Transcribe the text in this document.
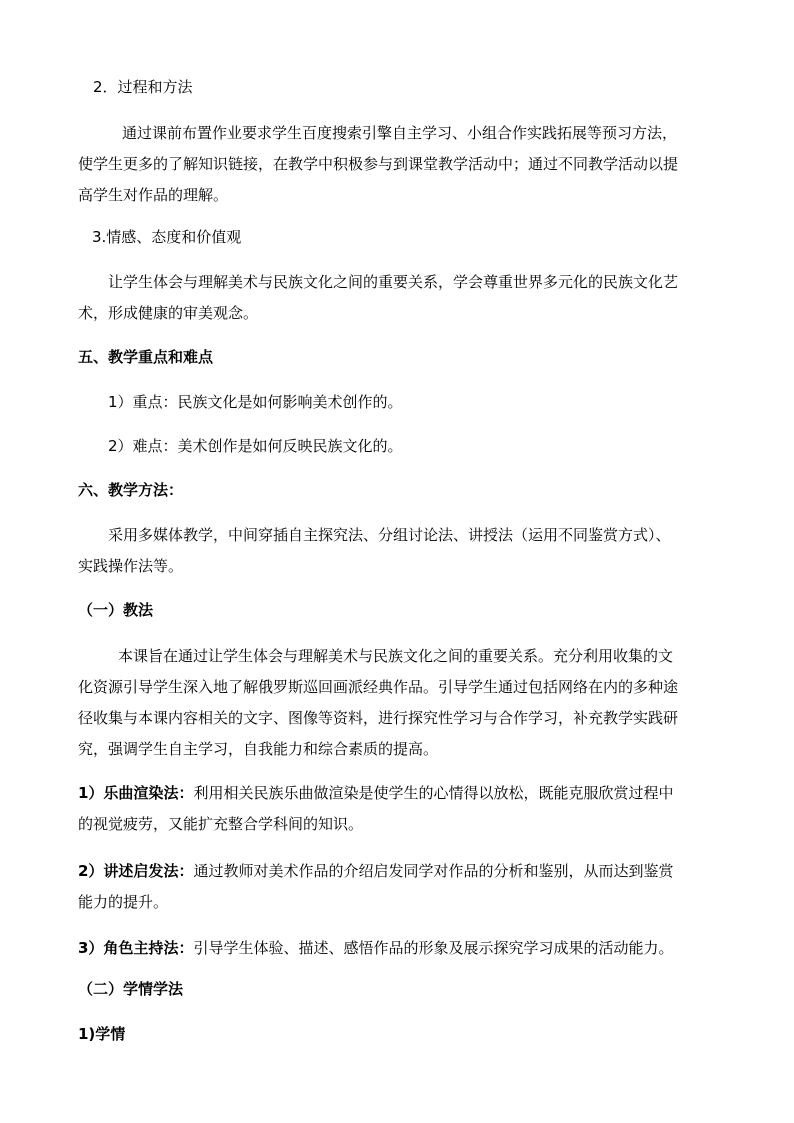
2．过程和方法
通过课前布置作业要求学生百度搜索引擎自主学习、小组合作实践拓展等预习方法，
使学生更多的了解知识链接，在教学中积极参与到课堂教学活动中；通过不同教学活动以提
高学生对作品的理解。
3.情感、态度和价值观
让学生体会与理解美术与民族文化之间的重要关系，学会尊重世界多元化的民族文化艺
术，形成健康的审美观念。
五、教学重点和难点
1）重点：民族文化是如何影响美术创作的。
2）难点：美术创作是如何反映民族文化的。
六、教学方法：
采用多媒体教学，中间穿插自主探究法、分组讨论法、讲授法（运用不同鉴赏方式）、
实践操作法等。
（一）教法
本课旨在通过让学生体会与理解美术与民族文化之间的重要关系。充分利用收集的文
化资源引导学生深入地了解俄罗斯巡回画派经典作品。引导学生通过包括网络在内的多种途
径收集与本课内容相关的文字、图像等资料，进行探究性学习与合作学习，补充教学实践研
究，强调学生自主学习，自我能力和综合素质的提高。
1）乐曲渲染法：利用相关民族乐曲做渲染是使学生的心情得以放松，既能克服欣赏过程中
的视觉疲劳，又能扩充整合学科间的知识。
2）讲述启发法：通过教师对美术作品的介绍启发同学对作品的分析和鉴别，从而达到鉴赏
能力的提升。
3）角色主持法：引导学生体验、描述、感悟作品的形象及展示探究学习成果的活动能力。
（二）学情学法
1)学情
